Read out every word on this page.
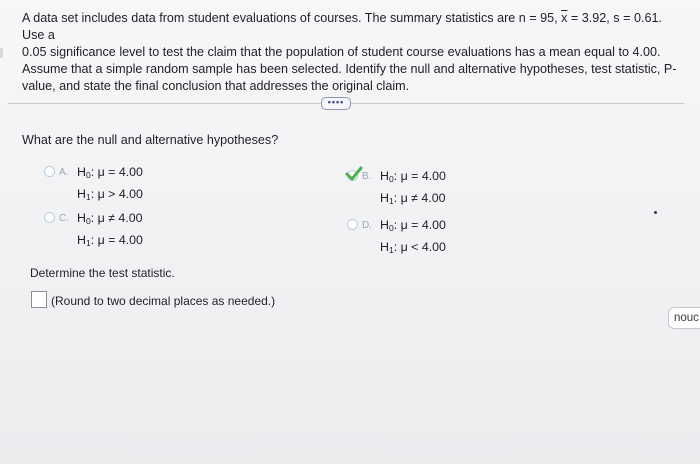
A data set includes data from student evaluations of courses. The summary statistics are n = 95, $\overline{x} = 3.92$, s = 0.61. Use a

0.05 significance level to test the claim that the population of student course evaluations has a mean equal to 4.00.

Assume that a simple random sample has been selected. Identify the null and alternative hypotheses, test statistic, P-

value, and state the final conclusion that addresses the original claim.

••••
What are the null and alternative hypotheses?
A. $H_0$: μ = 4.00
$H_1$: μ > 4.00
B. $H_0$: μ = 4.00
$H_1$: μ ≠ 4.00
C. $H_0$: μ ≠ 4.00
$H_1$: μ = 4.00
D. $H_0$: μ = 4.00
$H_1$: μ < 4.00
Determine the test statistic.
(Round to two decimal places as needed.)
nouc
